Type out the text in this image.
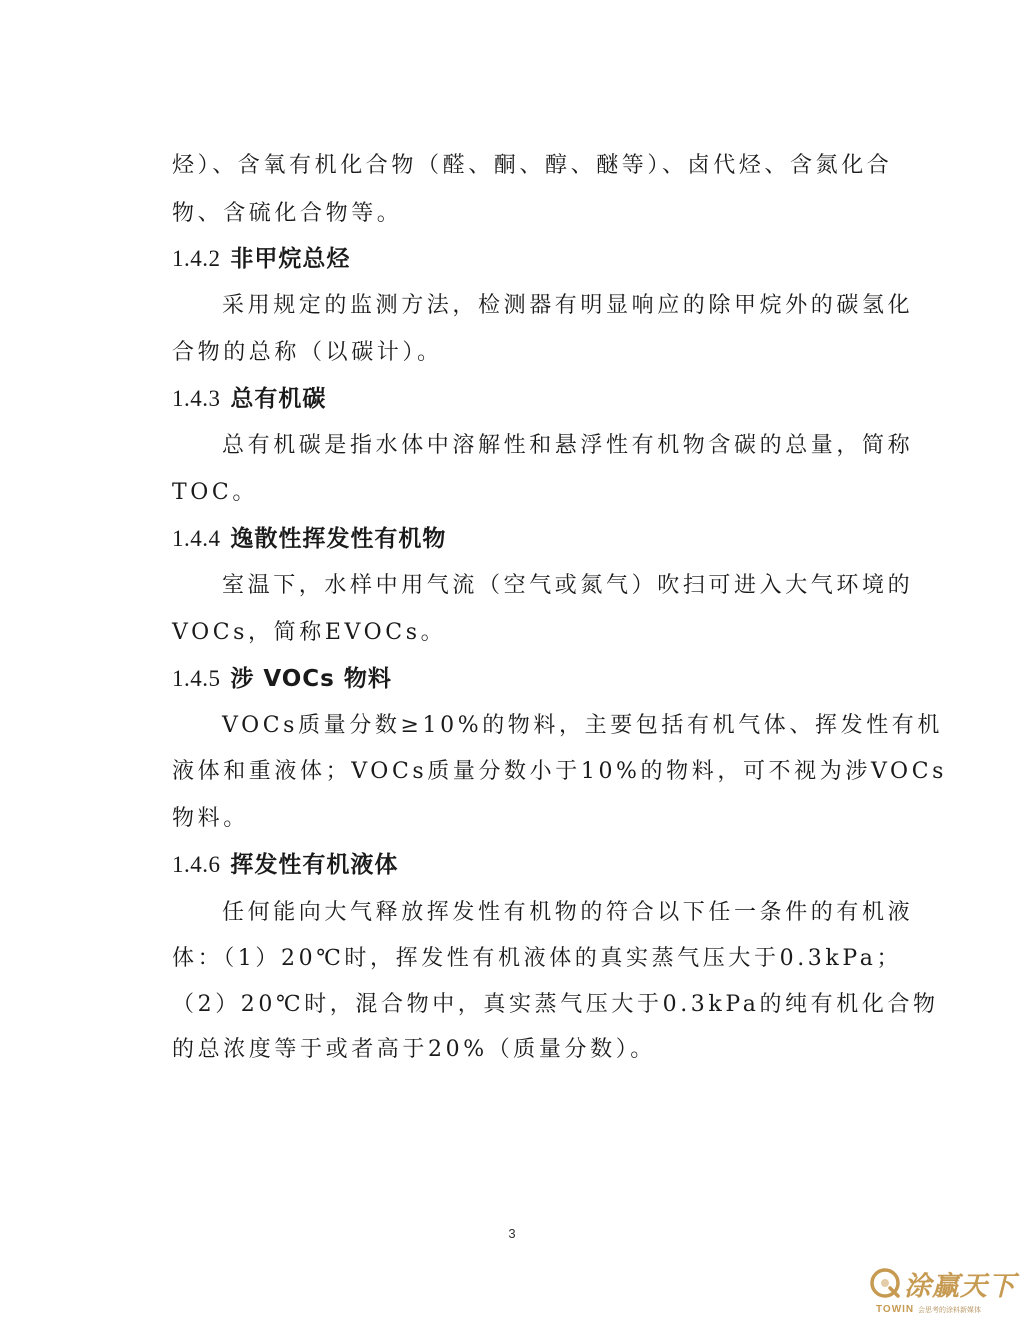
烃）、含氧有机化合物（醛、酮、醇、醚等）、卤代烃、含氮化合
物、含硫化合物等。
1.4.2 非甲烷总烃
采用规定的监测方法，检测器有明显响应的除甲烷外的碳氢化
合物的总称（以碳计）。
1.4.3 总有机碳
总有机碳是指水体中溶解性和悬浮性有机物含碳的总量，简称
TOC。
1.4.4 逸散性挥发性有机物
室温下，水样中用气流（空气或氮气）吹扫可进入大气环境的
VOCs，简称EVOCs。
1.4.5 涉 VOCs 物料
VOCs质量分数≥10%的物料，主要包括有机气体、挥发性有机
液体和重液体；VOCs质量分数小于10%的物料，可不视为涉VOCs
物料。
1.4.6 挥发性有机液体
任何能向大气释放挥发性有机物的符合以下任一条件的有机液
体：（1）20℃时，挥发性有机液体的真实蒸气压大于0.3kPa；
（2）20℃时，混合物中，真实蒸气压大于0.3kPa的纯有机化合物
的总浓度等于或者高于20%（质量分数）。
3
涂赢天下
TOWIN 会思考的涂料新媒体
